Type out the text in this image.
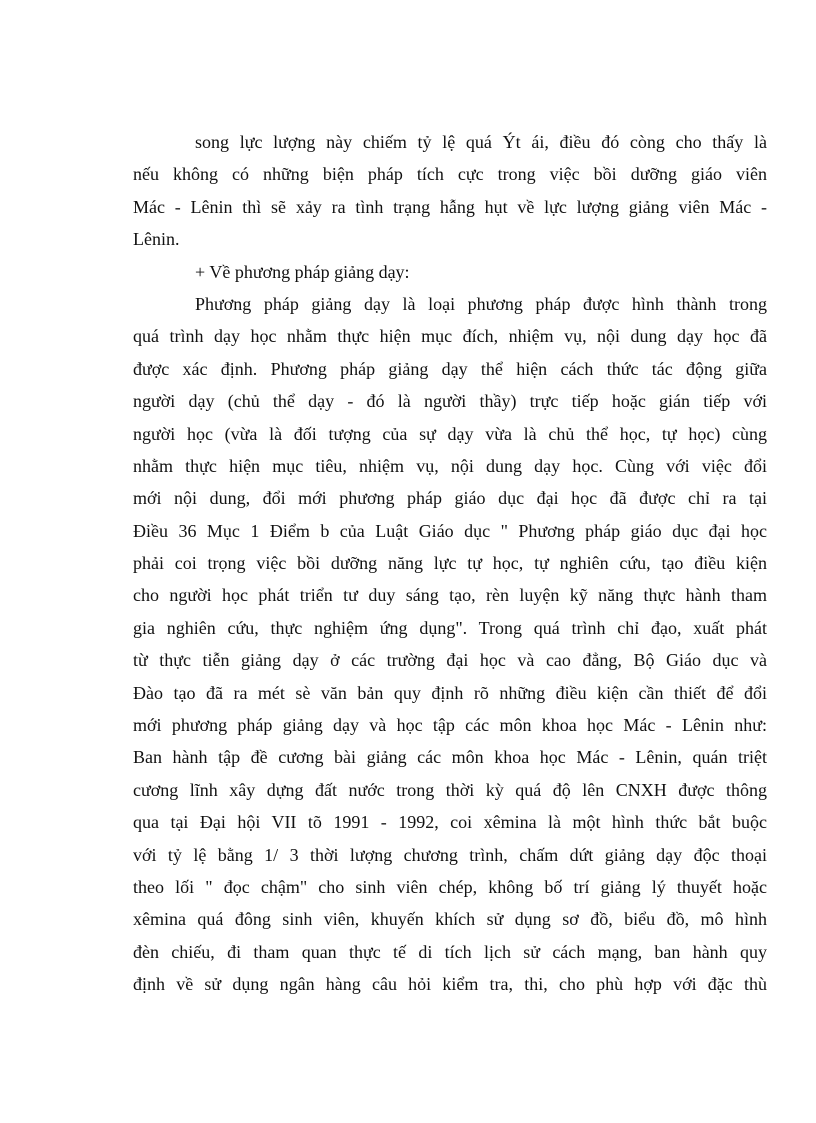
song lực lượng này chiếm tỷ lệ quá Ýt ái, điều đó còng cho thấy là
nếu không có những biện pháp tích cực trong việc bồi dưỡng giáo viên
Mác - Lênin thì sẽ xảy ra tình trạng hẫng hụt về lực lượng giảng viên Mác -
Lênin.
+ Về phương pháp giảng dạy:
Phương pháp giảng dạy là loại phương pháp được hình thành trong
quá trình dạy học nhằm thực hiện mục đích, nhiệm vụ, nội dung dạy học đã
được xác định. Phương pháp giảng dạy thể hiện cách thức tác động giữa
người dạy (chủ thể dạy - đó là người thầy) trực tiếp hoặc gián tiếp với
người học (vừa là đối tượng của sự dạy vừa là chủ thể học, tự học) cùng
nhằm thực hiện mục tiêu, nhiệm vụ, nội dung dạy học. Cùng với việc đổi
mới nội dung, đổi mới phương pháp giáo dục đại học đã được chỉ ra tại
Điều 36 Mục 1 Điểm b của Luật Giáo dục " Phương pháp giáo dục đại học
phải coi trọng việc bồi dưỡng năng lực tự học, tự nghiên cứu, tạo điều kiện
cho người học phát triển tư duy sáng tạo, rèn luyện kỹ năng thực hành tham
gia nghiên cứu, thực nghiệm ứng dụng". Trong quá trình chỉ đạo, xuất phát
từ thực tiễn giảng dạy ở các trường đại học và cao đẳng, Bộ Giáo dục và
Đào tạo đã ra mét sè văn bản quy định rõ những điều kiện cần thiết để đổi
mới phương pháp giảng dạy và học tập các môn khoa học Mác - Lênin như:
Ban hành tập đề cương bài giảng các môn khoa học Mác - Lênin, quán triệt
cương lĩnh xây dựng đất nước trong thời kỳ quá độ lên CNXH được thông
qua tại Đại hội VII tõ 1991 - 1992, coi xêmina là một hình thức bắt buộc
với tỷ lệ bằng 1/ 3 thời lượng chương trình, chấm dứt giảng dạy độc thoại
theo lối " đọc chậm" cho sinh viên chép, không bố trí giảng lý thuyết hoặc
xêmina quá đông sinh viên, khuyến khích sử dụng sơ đồ, biểu đồ, mô hình
đèn chiếu, đi tham quan thực tế di tích lịch sử cách mạng, ban hành quy
định về sử dụng ngân hàng câu hỏi kiểm tra, thi, cho phù hợp với đặc thù
